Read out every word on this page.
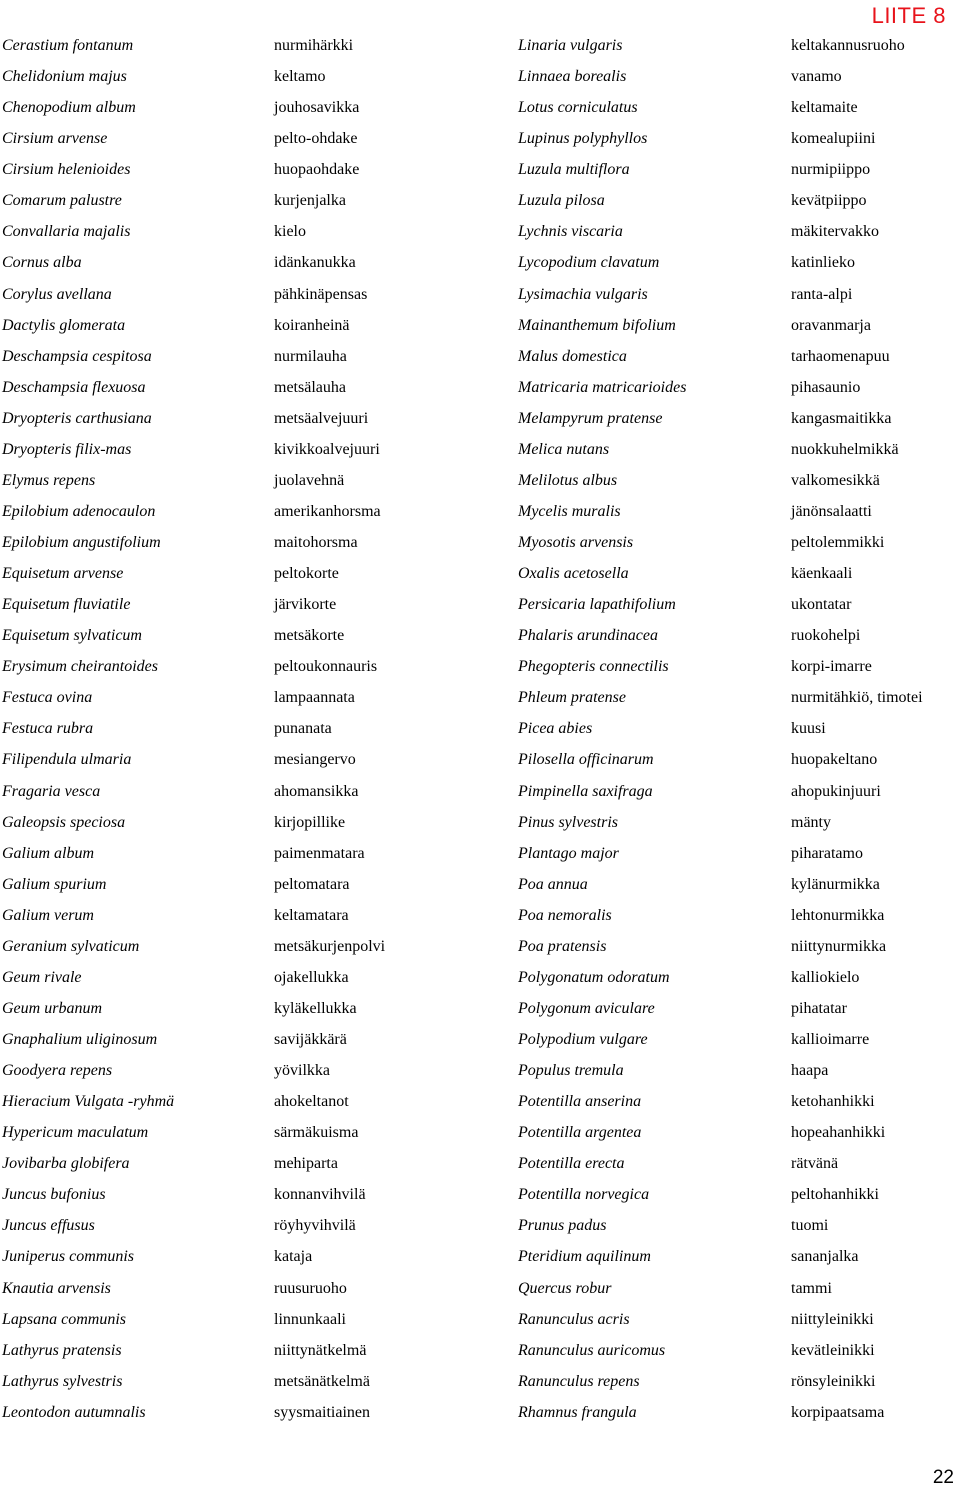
LIITE 8
Cerastium fontanum
Chelidonium majus
Chenopodium album
Cirsium arvense
Cirsium helenioides
Comarum palustre
Convallaria majalis
Cornus alba
Corylus avellana
Dactylis glomerata
Deschampsia cespitosa
Deschampsia flexuosa
Dryopteris carthusiana
Dryopteris filix-mas
Elymus repens
Epilobium adenocaulon
Epilobium angustifolium
Equisetum arvense
Equisetum fluviatile
Equisetum sylvaticum
Erysimum cheirantoides
Festuca ovina
Festuca rubra
Filipendula ulmaria
Fragaria vesca
Galeopsis speciosa
Galium album
Galium spurium
Galium verum
Geranium sylvaticum
Geum rivale
Geum urbanum
Gnaphalium uliginosum
Goodyera repens
Hieracium Vulgata -ryhmä
Hypericum maculatum
Jovibarba globifera
Juncus bufonius
Juncus effusus
Juniperus communis
Knautia arvensis
Lapsana communis
Lathyrus pratensis
Lathyrus sylvestris
Leontodon autumnalis
nurmihärkki
keltamo
jouhosavikka
pelto-ohdake
huopaohdake
kurjenjalka
kielo
idänkanukka
pähkinäpensas
koiranheinä
nurmilauha
metsälauha
metsäalvejuuri
kivikkoalvejuuri
juolavehnä
amerikanhorsma
maitohorsma
peltokorte
järvikorte
metsäkorte
peltoukonnauris
lampaannata
punanata
mesiangervo
ahomansikka
kirjopillike
paimenmatara
peltomatara
keltamatara
metsäkurjenpolvi
ojakellukka
kyläkellukka
savijäkkärä
yövilkka
ahokeltanot
särmäkuisma
mehiparta
konnanvihvilä
röyhyvihvilä
kataja
ruusuruoho
linnunkaali
niittynätkelmä
metsänätkelmä
syysmaitiainen
Linaria vulgaris
Linnaea borealis
Lotus corniculatus
Lupinus polyphyllos
Luzula multiflora
Luzula pilosa
Lychnis viscaria
Lycopodium clavatum
Lysimachia vulgaris
Mainanthemum bifolium
Malus domestica
Matricaria matricarioides
Melampyrum pratense
Melica nutans
Melilotus albus
Mycelis muralis
Myosotis arvensis
Oxalis acetosella
Persicaria lapathifolium
Phalaris arundinacea
Phegopteris connectilis
Phleum pratense
Picea abies
Pilosella officinarum
Pimpinella saxifraga
Pinus sylvestris
Plantago major
Poa annua
Poa nemoralis
Poa pratensis
Polygonatum odoratum
Polygonum aviculare
Polypodium vulgare
Populus tremula
Potentilla anserina
Potentilla argentea
Potentilla erecta
Potentilla norvegica
Prunus padus
Pteridium aquilinum
Quercus robur
Ranunculus acris
Ranunculus auricomus
Ranunculus repens
Rhamnus frangula
keltakannusruoho
vanamo
keltamaite
komealupiini
nurmipiippo
kevätpiippo
mäkitervakko
katinlieko
ranta-alpi
oravanmarja
tarhaomenapuu
pihasaunio
kangasmaitikka
nuokkuhelmikkä
valkomesikkä
jänönsalaatti
peltolemmikki
käenkaali
ukontatar
ruokohelpi
korpi-imarre
nurmitähkiö, timotei
kuusi
huopakeltano
ahopukinjuuri
mänty
piharatamo
kylänurmikka
lehtonurmikka
niittynurmikka
kalliokielo
pihatatar
kallioimarre
haapa
ketohanhikki
hopeahanhikki
rätvänä
peltohanhikki
tuomi
sananjalka
tammi
niittyleinikki
kevätleinikki
rönsyleinikki
korpipaatsama
22
